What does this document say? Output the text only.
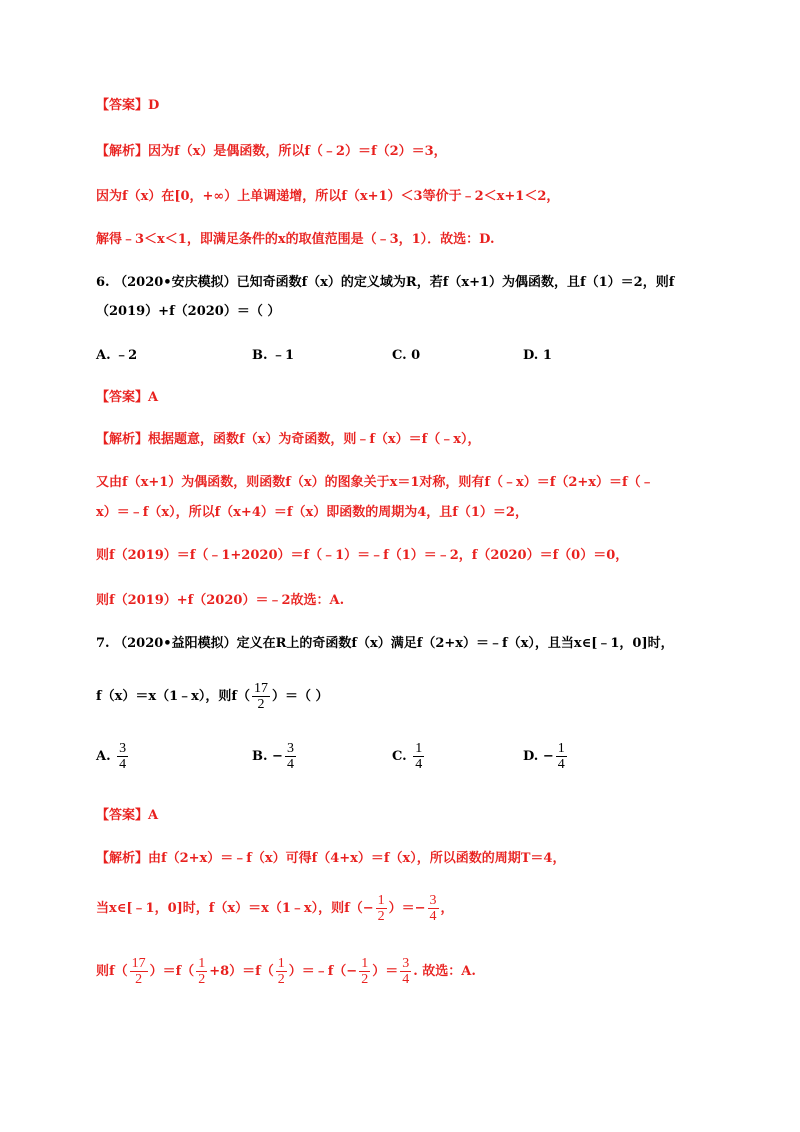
【答案】D
【解析】因为f（x）是偶函数，所以f（﹣2）＝f（2）＝3，
因为f（x）在[0，+∞）上单调递增，所以f（x+1）＜3等价于﹣2＜x+1＜2，
解得﹣3＜x＜1，即满足条件的x的取值范围是（﹣3，1）．故选：D.
6. （2020•安庆模拟）已知奇函数f（x）的定义域为R，若f（x+1）为偶函数，且f（1）＝2，则f
（2019）+f（2020）＝（ ）
A. ﹣2	B. ﹣1	C. 0	D. 1
【答案】A
【解析】根据题意，函数f（x）为奇函数，则﹣f（x）＝f（﹣x），
又由f（x+1）为偶函数，则函数f（x）的图象关于x＝1对称，则有f（﹣x）＝f（2+x）＝f（﹣
x）＝﹣f（x），所以f（x+4）＝f（x）即函数的周期为4，且f（1）＝2，
则f（2019）＝f（﹣1+2020）＝f（﹣1）＝﹣f（1）＝﹣2，f（2020）＝f（0）＝0，
则f（2019）+f（2020）＝﹣2故选：A.
7. （2020•益阳模拟）定义在R上的奇函数f（x）满足f（2+x）＝﹣f（x），且当x∈[﹣1，0]时，
f（x）＝x（1﹣x），则$f( \frac{17}{2}$ ）＝（ ）
A. $\frac{3}{4}$	B. − $\frac{3}{4}$	C. $\frac{1}{4}$	D. − $\frac{1}{4}$
【答案】A
【解析】由f（2+x）＝﹣f（x）可得f（4+x）＝f（x），所以函数的周期T＝4，
当x∈[﹣1，0]时，f（x）＝x（1﹣x），则$f(- \frac{1}{2}$ ）＝− $\frac{3}{4}$ ，
则$f( \frac{17}{2} )=f( \frac{1}{2} +8)=f( \frac{1}{2}$ ）＝﹣f（− $\frac{1}{2}$ ）＝ $\frac{3}{4}$ . 故选：A.
